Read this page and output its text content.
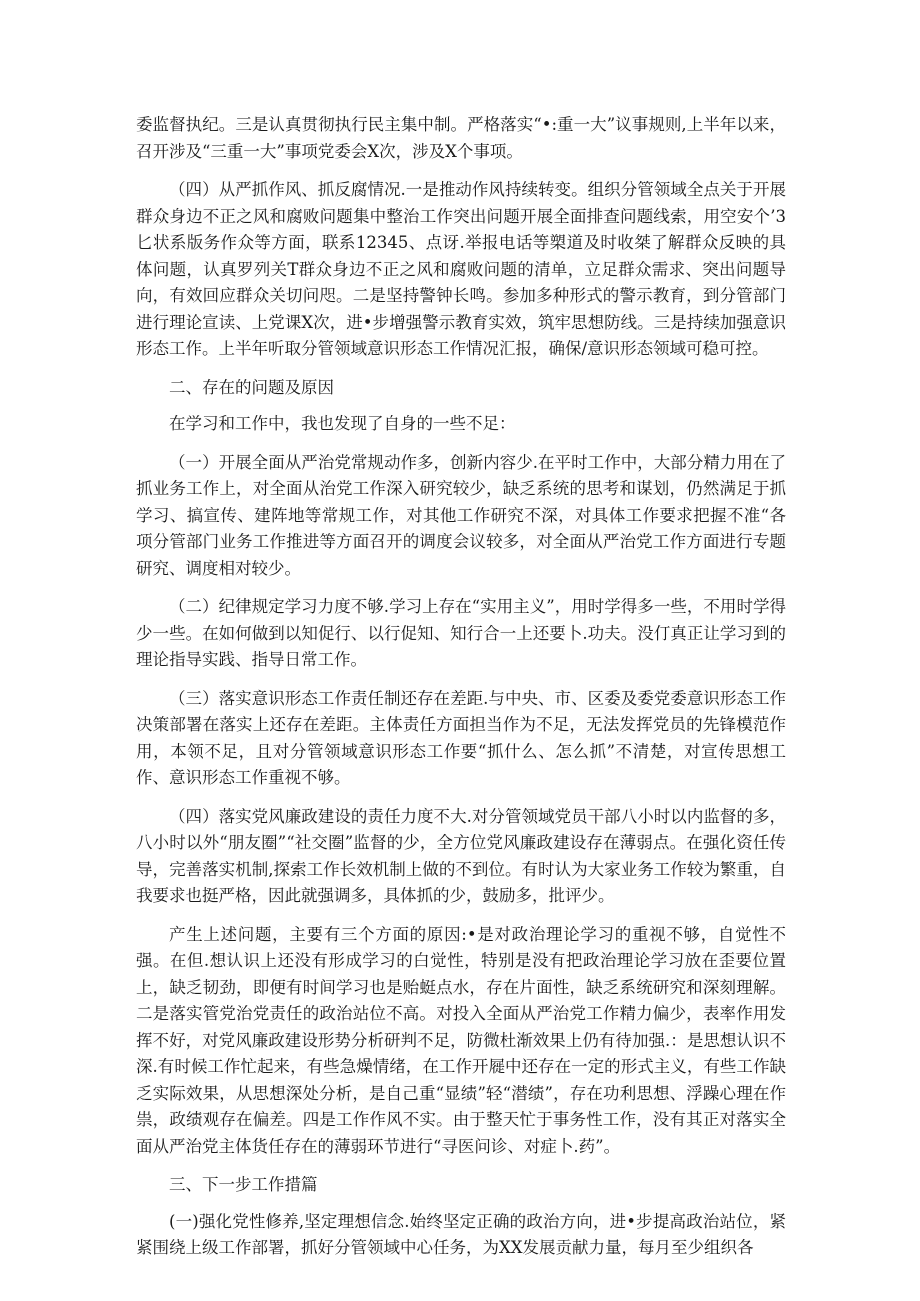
委监督执纪。三是认真贯彻执行民主集中制。严格落实“•:重一大”议事规则,上半年以来，召开涉及“三重一大”事项党委会X次，涉及X个事项。

（四）从严抓作风、抓反腐情况.一是推动作风持续转变。组织分管领域全点关于开展群众身边不正之风和腐败问题集中整治工作突出问题开展全面排查问题线索，用空安个’3匕状系版务作众等方面，联系12345、点讶.举报电话等槊道及时收桀了解群众反映的具体问题，认真罗列关T群众身边不正之风和腐败问题的清单，立足群众需求、突出问题导向，有效回应群众关切问咫。二是坚持警钟长鸣。参加多种形式的警示教育，到分管部门进行理论宣读、上党课X次，进•步增强警示教育实效，筑牢思想防线。三是持续加强意识形态工作。上半年听取分管领域意识形态工作情况汇报，确保/意识形态领域可稳可控。

二、存在的问题及原因

在学习和工作中，我也发现了自身的一些不足：

（一）开展全面从严治党常规动作多，创新内容少.在平时工作中，大部分精力用在了抓业务工作上，对全面从治党工作深入研究较少，缺乏系统的思考和谋划，仍然满足于抓学习、搞宣传、建阵地等常规工作，对其他工作研究不深，对具体工作要求把握不准“各项分管部门业务工作推进等方面召开的调度会议较多，对全面从严治党工作方面进行专题研究、调度相对较少。

（二）纪律规定学习力度不够.学习上存在“实用主义”，用时学得多一些，不用时学得少一些。在如何做到以知促行、以行促知、知行合一上还要卜.功夫。没仃真正让学习到的理论指导实践、指导日常工作。

（三）落实意识形态工作责任制还存在差距.与中央、市、区委及委党委意识形态工作决策部署在落实上还存在差距。主体责任方面担当作为不足，无法发挥党员的先锋模范作用，本领不足，且对分管领域意识形态工作要“抓什么、怎么抓”不清楚，对宣传思想工作、意识形态工作重视不够。

（四）落实党风廉政建设的责任力度不大.对分管领域党员干部八小时以内监督的多，八小时以外“朋友圈”“社交圈”监督的少，全方位党风廉政建设存在薄弱点。在强化资任传导，完善落实机制,探索工作长效机制上做的不到位。有时认为大家业务工作较为繁重，自我要求也挺严格，因此就强调多，具体抓的少，鼓励多，批评少。

产生上述问题，主要有三个方面的原因:•是对政治理论学习的重视不够，自觉性不强。在但.想认识上还没有形成学习的白觉性，特别是没有把政治理论学习放在歪要位置上，缺乏韧劲，即便有时间学习也是贻蜓点水，存在片面性，缺乏系统研究和深刻理解。二是落实管党治党责任的政治站位不高。对投入全面从严治党工作精力偏少，表率作用发挥不好，对党风廉政建设形势分析研判不足，防微杜渐效果上仍有待加强.：是思想认识不深.有时候工作忙起来，有些急燥情绪，在工作开屣中还存在一定的形式主义，有些工作缺乏实际效果，从思想深处分析，是自己重“显绩”轻“潜绩”，存在功利思想、浮躁心理在作祟，政绩观存在偏差。四是工作作风不实。由于整天忙于事务性工作，没有其正对落实全面从严治党主体货任存在的薄弱环节进行“寻医问诊、对症卜.药”。

三、下一步工作措篇

(一)强化党性修养,坚定理想信念.始终坚定正确的政治方向，进•步提高政治站位，紧紧围绕上级工作部署，抓好分管领域中心任务，为XX发展贡献力量，每月至少组织各
